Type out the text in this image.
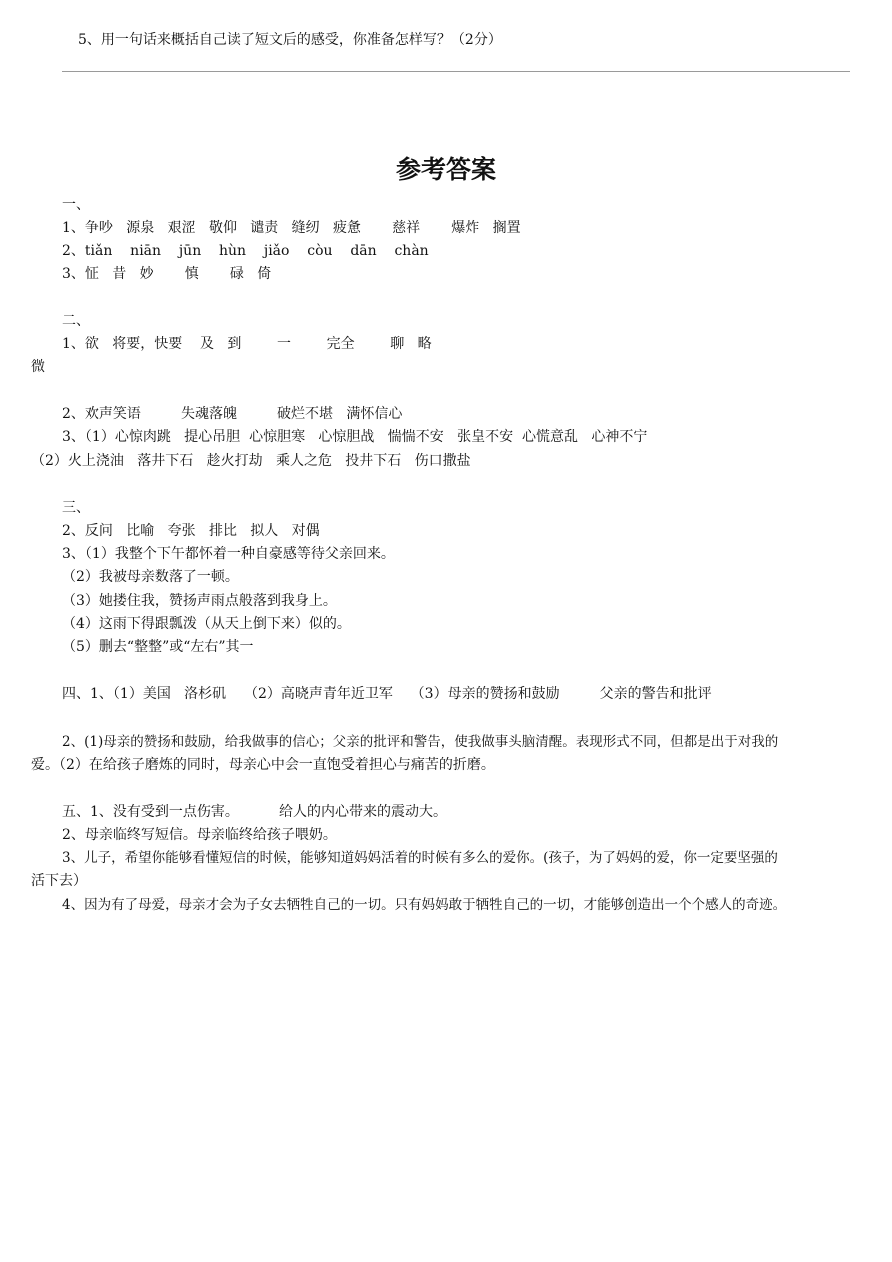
5、用一句话来概括自己读了短文后的感受，你准备怎样写？（2分）
参考答案
一、
1、争吵   源泉   艰涩   敬仰   谴责   缝纫   疲惫       慈祥       爆炸   搁置
2、tiǎn    niān    jūn    hùn    jiǎo    còu    dān    chàn
3、怔   昔   妙       慎       碌   倚
二、
1、欲   将要，快要    及   到        一        完全        聊   略
微
2、欢声笑语         失魂落魄         破烂不堪   满怀信心
3、（1）心惊肉跳   提心吊胆  心惊胆寒   心惊胆战   惴惴不安   张皇不安  心慌意乱   心神不宁
（2）火上浇油   落井下石   趁火打劫   乘人之危   投井下石   伤口撒盐
三、
2、反问   比喻   夸张   排比   拟人   对偶
3、（1）我整个下午都怀着一种自豪感等待父亲回来。
（2）我被母亲数落了一顿。
（3）她搂住我，赞扬声雨点般落到我身上。
（4）这雨下得跟瓢泼（从天上倒下来）似的。
（5）删去“整整”或“左右”其一
四、1、（1）美国   洛杉矶    （2）高晓声青年近卫军    （3）母亲的赞扬和鼓励         父亲的警告和批评
2、(1)母亲的赞扬和鼓励，给我做事的信心；父亲的批评和警告，使我做事头脑清醒。表现形式不同，但都是出于对我的
爱。（2）在给孩子磨炼的同时，母亲心中会一直饱受着担心与痛苦的折磨。
五、1、没有受到一点伤害。         给人的内心带来的震动大。
2、母亲临终写短信。母亲临终给孩子喂奶。
3、儿子，希望你能够看懂短信的时候，能够知道妈妈活着的时候有多么的爱你。(孩子，为了妈妈的爱，你一定要坚强的
活下去）
4、因为有了母爱，母亲才会为子女去牺牲自己的一切。只有妈妈敢于牺牲自己的一切，才能够创造出一个个感人的奇迹。
